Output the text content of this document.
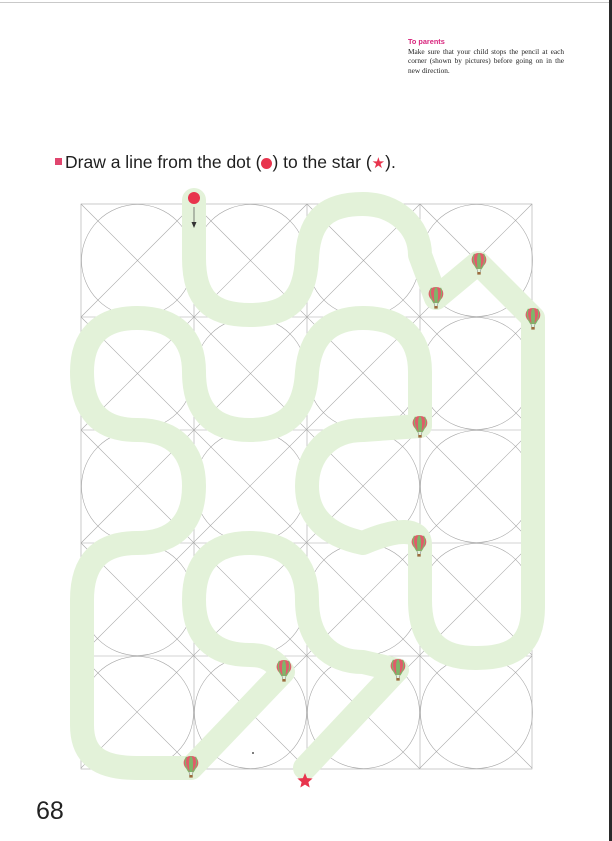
To parents
Make sure that your child stops the pencil at each corner (shown by pictures) before going on in the new direction.
Draw a line from the dot ( ) to the star (★).
68
